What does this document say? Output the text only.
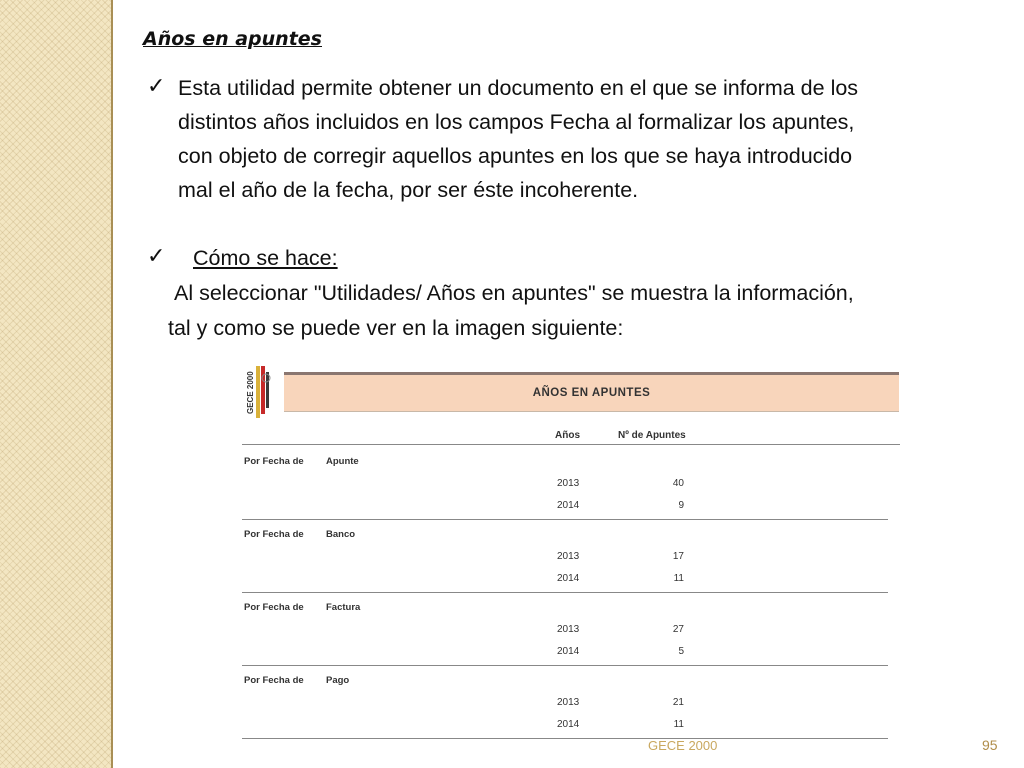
Años en apuntes
✓ Esta utilidad permite obtener un documento en el que se informa de los
distintos años incluidos en los campos Fecha al formalizar los apuntes,
con objeto de corregir aquellos apuntes en los que se haya introducido
mal el año de la fecha, por ser éste incoherente.
✓ Cómo se hace:
Al seleccionar "Utilidades/ Años en apuntes" se muestra la información,
tal y como se puede ver en la imagen siguiente:
GECE 2000	AÑOS EN APUNTES
Años	Nº de Apuntes
Por Fecha de Apunte
2013	40
2014	9
Por Fecha de Banco
2013	17
2014	11
Por Fecha de Factura
2013	27
2014	5
Por Fecha de Pago
2013	21
2014	11
GECE 2000	95
